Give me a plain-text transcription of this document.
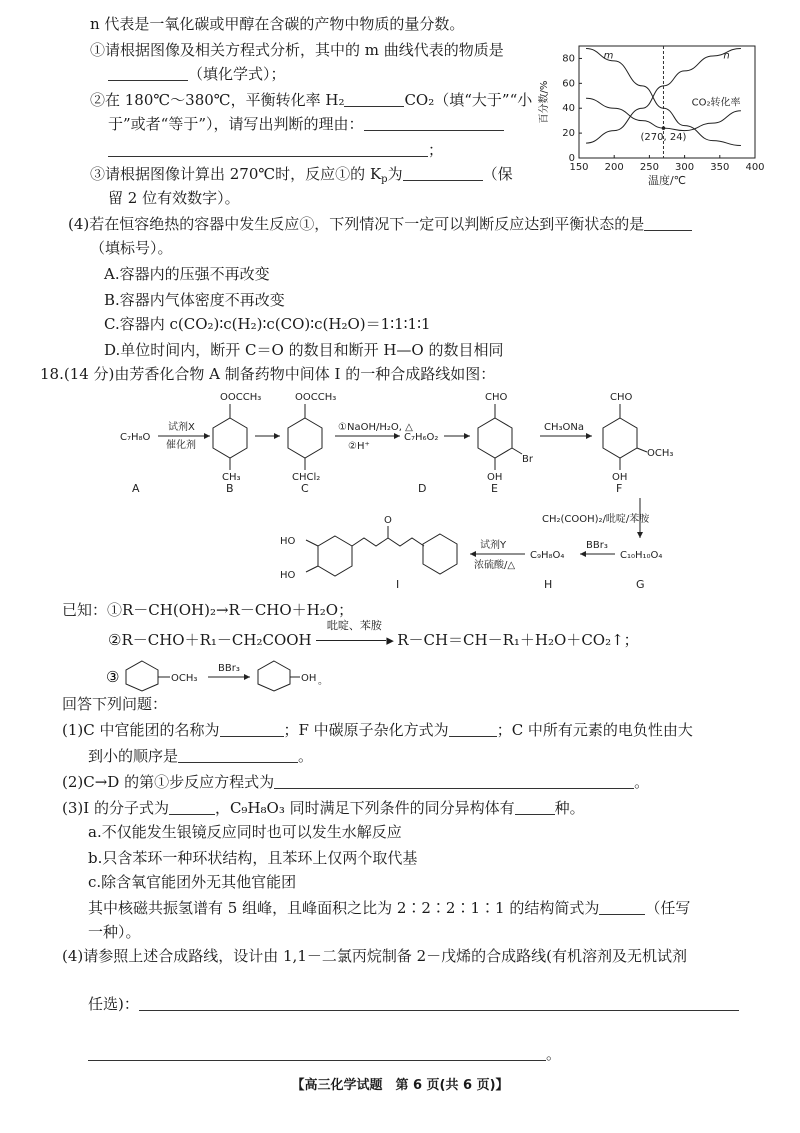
n 代表是一氧化碳或甲醇在含碳的产物中物质的量分数。
①请根据图像及相关方程式分析，其中的 m 曲线代表的物质是
（填化学式）；
②在 180℃～380℃，平衡转化率 H₂	CO₂（填“大于”“小
于”或者“等于”），请写出判断的理由：
；
③请根据图像计算出 270℃时，反应①的 $K_p$为	（保
留 2 位有效数字）。
150 200 250 300 350 400
0
20
40
60
80
温度/℃
百分数/%
m	n
CO₂转化率
(270, 24)
(4)若在恒容绝热的容器中发生反应①，下列情况下一定可以判断反应达到平衡状态的是
（填标号）。
A.容器内的压强不再改变
B.容器内气体密度不再改变
C.容器内 c(CO₂)∶c(H₂)∶c(CO)∶c(H₂O)＝1∶1∶1∶1
D.单位时间内，断开 C＝O 的数目和断开 H—O 的数目相同
18.(14 分)由芳香化合物 A 制备药物中间体 I 的一种合成路线如图：
C₇H₈O
A
试剂X
催化剂
OOCCH₃
CH₃
B
OOCCH₃
CHCl₂
C
①NaOH/H₂O, △
②H⁺
C₇H₆O₂
D
CHO
Br
OH
E
CH₃ONa
CHO
OCH₃
OH
F
CH₂(COOH)₂/吡啶/苯胺
C₁₀H₁₀O₄
G
BBr₃
C₉H₈O₄
H
试剂Y
浓硫酸/△
HO
HO
O
I
已知：①R－CH(OH)₂→R－CHO＋H₂O；
②R－CHO＋R₁－CH₂COOH
吡啶、苯胺
▸ R－CH＝CH－R₁＋H₂O＋CO₂↑；
③	OCH₃
BBr₃
OH 。
回答下列问题：
(1)C 中官能团的名称为	；F 中碳原子杂化方式为	；C 中所有元素的电负性由大
到小的顺序是	。
(2)C→D 的第①步反应方程式为	。
(3)I 的分子式为	，C₉H₈O₃ 同时满足下列条件的同分异构体有	种。
a.不仅能发生银镜反应同时也可以发生水解反应
b.只含苯环一种环状结构，且苯环上仅两个取代基
c.除含氧官能团外无其他官能团
其中核磁共振氢谱有 5 组峰，且峰面积之比为 2∶2∶2∶1∶1 的结构简式为	（任写
一种）。
(4)请参照上述合成路线，设计由 1,1－二氯丙烷制备 2－戊烯的合成路线(有机溶剂及无机试剂
任选)：
。
【高三化学试题　第 6 页(共 6 页)】
